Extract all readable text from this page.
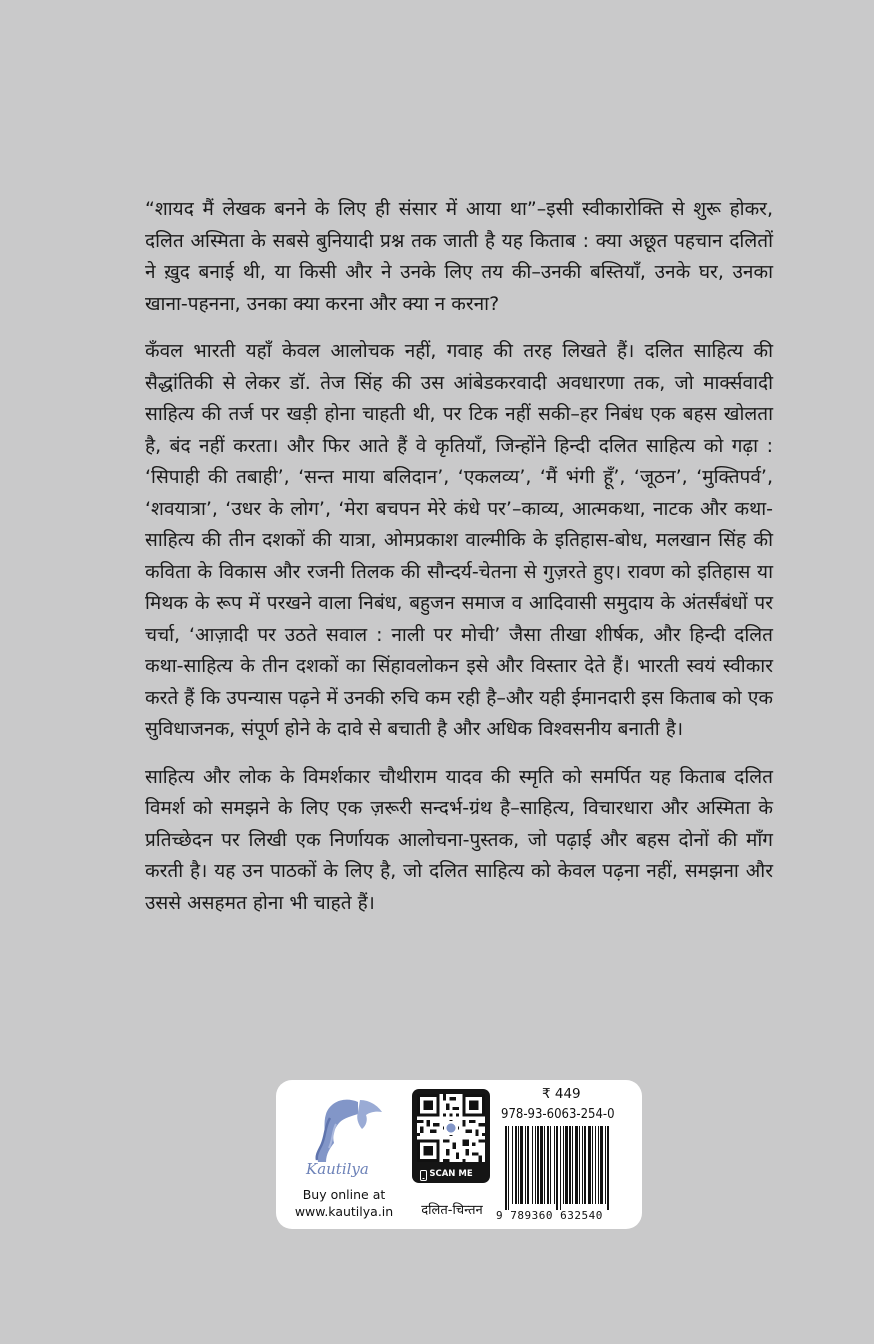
“शायद मैं लेखक बनने के लिए ही संसार में आया था”–इसी स्वीकारोक्ति से शुरू होकर, दलित अस्मिता के सबसे बुनियादी प्रश्न तक जाती है यह किताब : क्या अछूत पहचान दलितों ने ख़ुद बनाई थी, या किसी और ने उनके लिए तय की–उनकी बस्तियाँ, उनके घर, उनका खाना-पहनना, उनका क्या करना और क्या न करना?

कँवल भारती यहाँ केवल आलोचक नहीं, गवाह की तरह लिखते हैं। दलित साहित्य की सैद्धांतिकी से लेकर डॉ. तेज सिंह की उस आंबेडकरवादी अवधारणा तक, जो मार्क्सवादी साहित्य की तर्ज पर खड़ी होना चाहती थी, पर टिक नहीं सकी–हर निबंध एक बहस खोलता है, बंद नहीं करता। और फिर आते हैं वे कृतियाँ, जिन्होंने हिन्दी दलित साहित्य को गढ़ा : ‘सिपाही की तबाही’, ‘सन्त माया बलिदान’, ‘एकलव्य’, ‘मैं भंगी हूँ’, ‘जूठन’, ‘मुक्तिपर्व’, ‘शवयात्रा’, ‘उधर के लोग’, ‘मेरा बचपन मेरे कंधे पर’–काव्य, आत्मकथा, नाटक और कथा-साहित्य की तीन दशकों की यात्रा, ओमप्रकाश वाल्मीकि के इतिहास-बोध, मलखान सिंह की कविता के विकास और रजनी तिलक की सौन्दर्य-चेतना से गुज़रते हुए। रावण को इतिहास या मिथक के रूप में परखने वाला निबंध, बहुजन समाज व आदिवासी समुदाय के अंतर्संबंधों पर चर्चा, ‘आज़ादी पर उठते सवाल : नाली पर मोची’ जैसा तीखा शीर्षक, और हिन्दी दलित कथा-साहित्य के तीन दशकों का सिंहावलोकन इसे और विस्तार देते हैं। भारती स्वयं स्वीकार करते हैं कि उपन्यास पढ़ने में उनकी रुचि कम रही है–और यही ईमानदारी इस किताब को एक सुविधाजनक, संपूर्ण होने के दावे से बचाती है और अधिक विश्वसनीय बनाती है।

साहित्य और लोक के विमर्शकार चौथीराम यादव की स्मृति को समर्पित यह किताब दलित विमर्श को समझने के लिए एक ज़रूरी सन्दर्भ-ग्रंथ है–साहित्य, विचारधारा और अस्मिता के प्रतिच्छेदन पर लिखी एक निर्णायक आलोचना-पुस्तक, जो पढ़ाई और बहस दोनों की माँग करती है। यह उन पाठकों के लिए है, जो दलित साहित्य को केवल पढ़ना नहीं, समझना और उससे असहमत होना भी चाहते हैं।

Kautilya
Buy online at
www.kautilya.in
SCAN ME
दलित-चिन्तन
₹ 449
978-93-6063-254-0
9 789360 632540
